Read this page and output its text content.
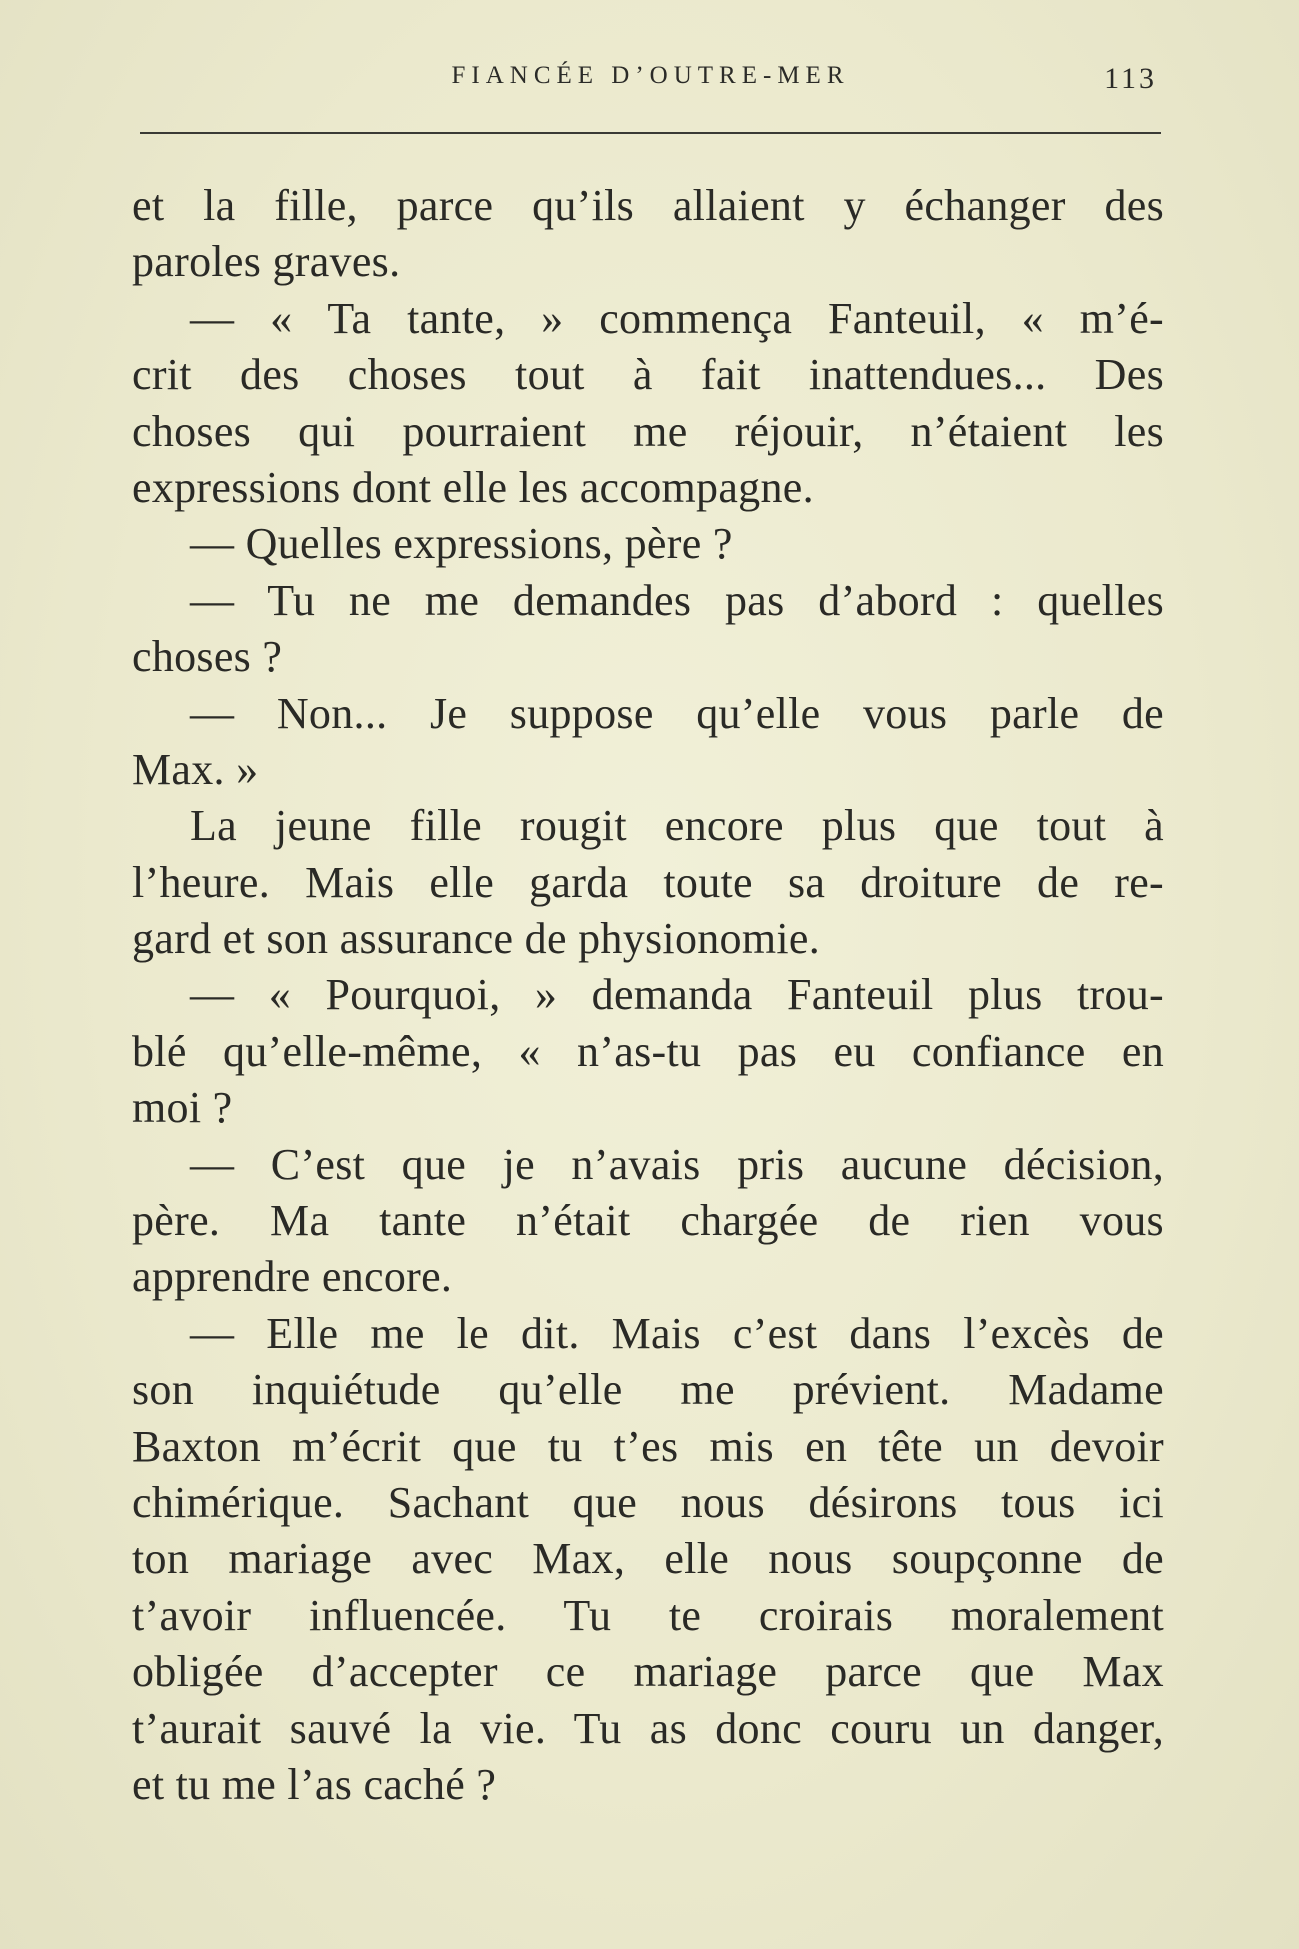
FIANCÉE D’OUTRE-MER	113
et la fille, parce qu’ils allaient y échanger des
paroles graves.
— « Ta tante, » commença Fanteuil, « m’é-
crit des choses tout à fait inattendues... Des
choses qui pourraient me réjouir, n’étaient les
expressions dont elle les accompagne.
— Quelles expressions, père ?
— Tu ne me demandes pas d’abord : quelles
choses ?
— Non... Je suppose qu’elle vous parle de
Max. »
La jeune fille rougit encore plus que tout à
l’heure. Mais elle garda toute sa droiture de re-
gard et son assurance de physionomie.
— « Pourquoi, » demanda Fanteuil plus trou-
blé qu’elle-même, « n’as-tu pas eu confiance en
moi ?
— C’est que je n’avais pris aucune décision,
père. Ma tante n’était chargée de rien vous
apprendre encore.
— Elle me le dit. Mais c’est dans l’excès de
son inquiétude qu’elle me prévient. Madame
Baxton m’écrit que tu t’es mis en tête un devoir
chimérique. Sachant que nous désirons tous ici
ton mariage avec Max, elle nous soupçonne de
t’avoir influencée. Tu te croirais moralement
obligée d’accepter ce mariage parce que Max
t’aurait sauvé la vie. Tu as donc couru un danger,
et tu me l’as caché ?
